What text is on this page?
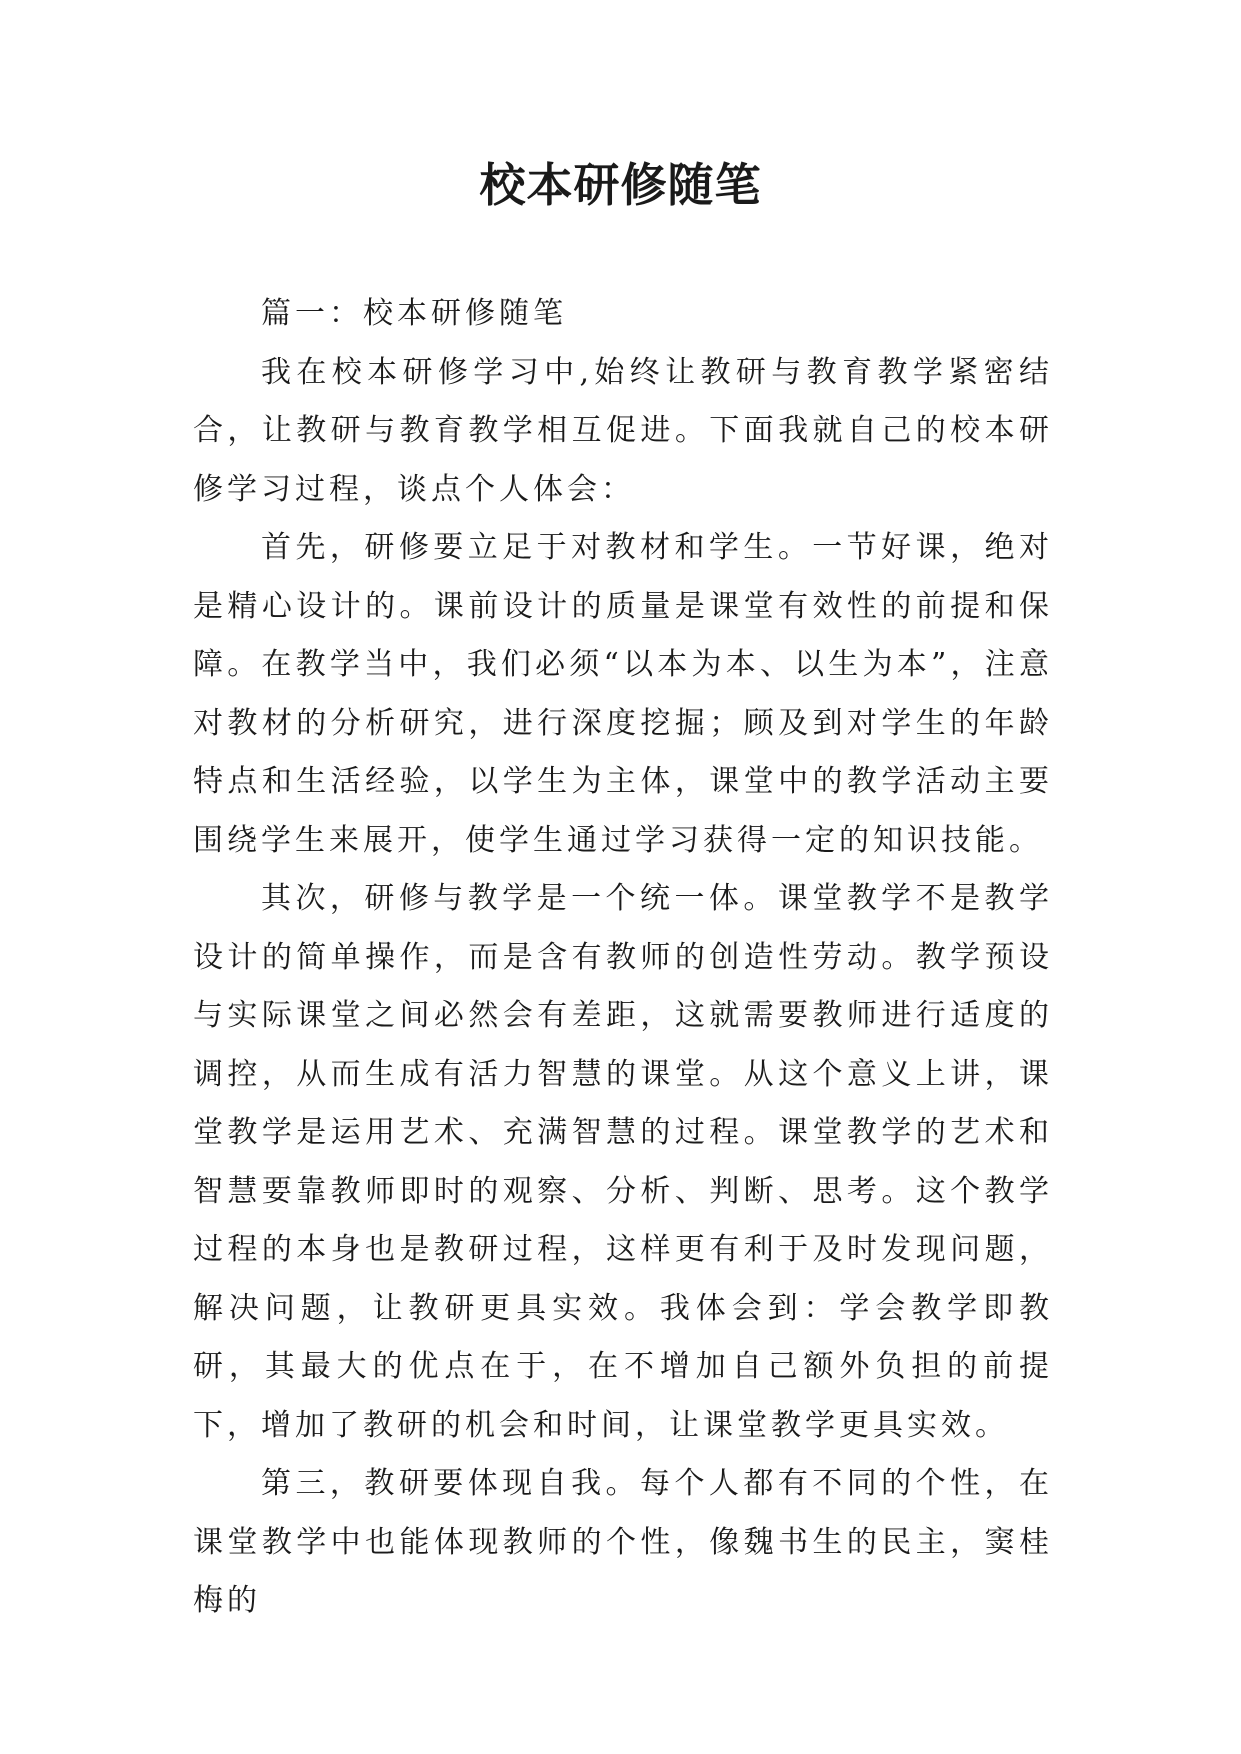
校本研修随笔

篇一：校本研修随笔

我在校本研修学习中,始终让教研与教育教学紧密结合，让教研与教育教学相互促进。下面我就自己的校本研修学习过程，谈点个人体会：

首先，研修要立足于对教材和学生。一节好课，绝对是精心设计的。课前设计的质量是课堂有效性的前提和保障。在教学当中，我们必须“以本为本、以生为本”，注意对教材的分析研究，进行深度挖掘；顾及到对学生的年龄特点和生活经验，以学生为主体，课堂中的教学活动主要围绕学生来展开，使学生通过学习获得一定的知识技能。

其次，研修与教学是一个统一体。课堂教学不是教学设计的简单操作，而是含有教师的创造性劳动。教学预设与实际课堂之间必然会有差距，这就需要教师进行适度的调控，从而生成有活力智慧的课堂。从这个意义上讲，课堂教学是运用艺术、充满智慧的过程。课堂教学的艺术和智慧要靠教师即时的观察、分析、判断、思考。这个教学过程的本身也是教研过程，这样更有利于及时发现问题，解决问题，让教研更具实效。我体会到：学会教学即教研，其最大的优点在于，在不增加自己额外负担的前提下，增加了教研的机会和时间，让课堂教学更具实效。

第三，教研要体现自我。每个人都有不同的个性，在课堂教学中也能体现教师的个性，像魏书生的民主，窦桂梅的
